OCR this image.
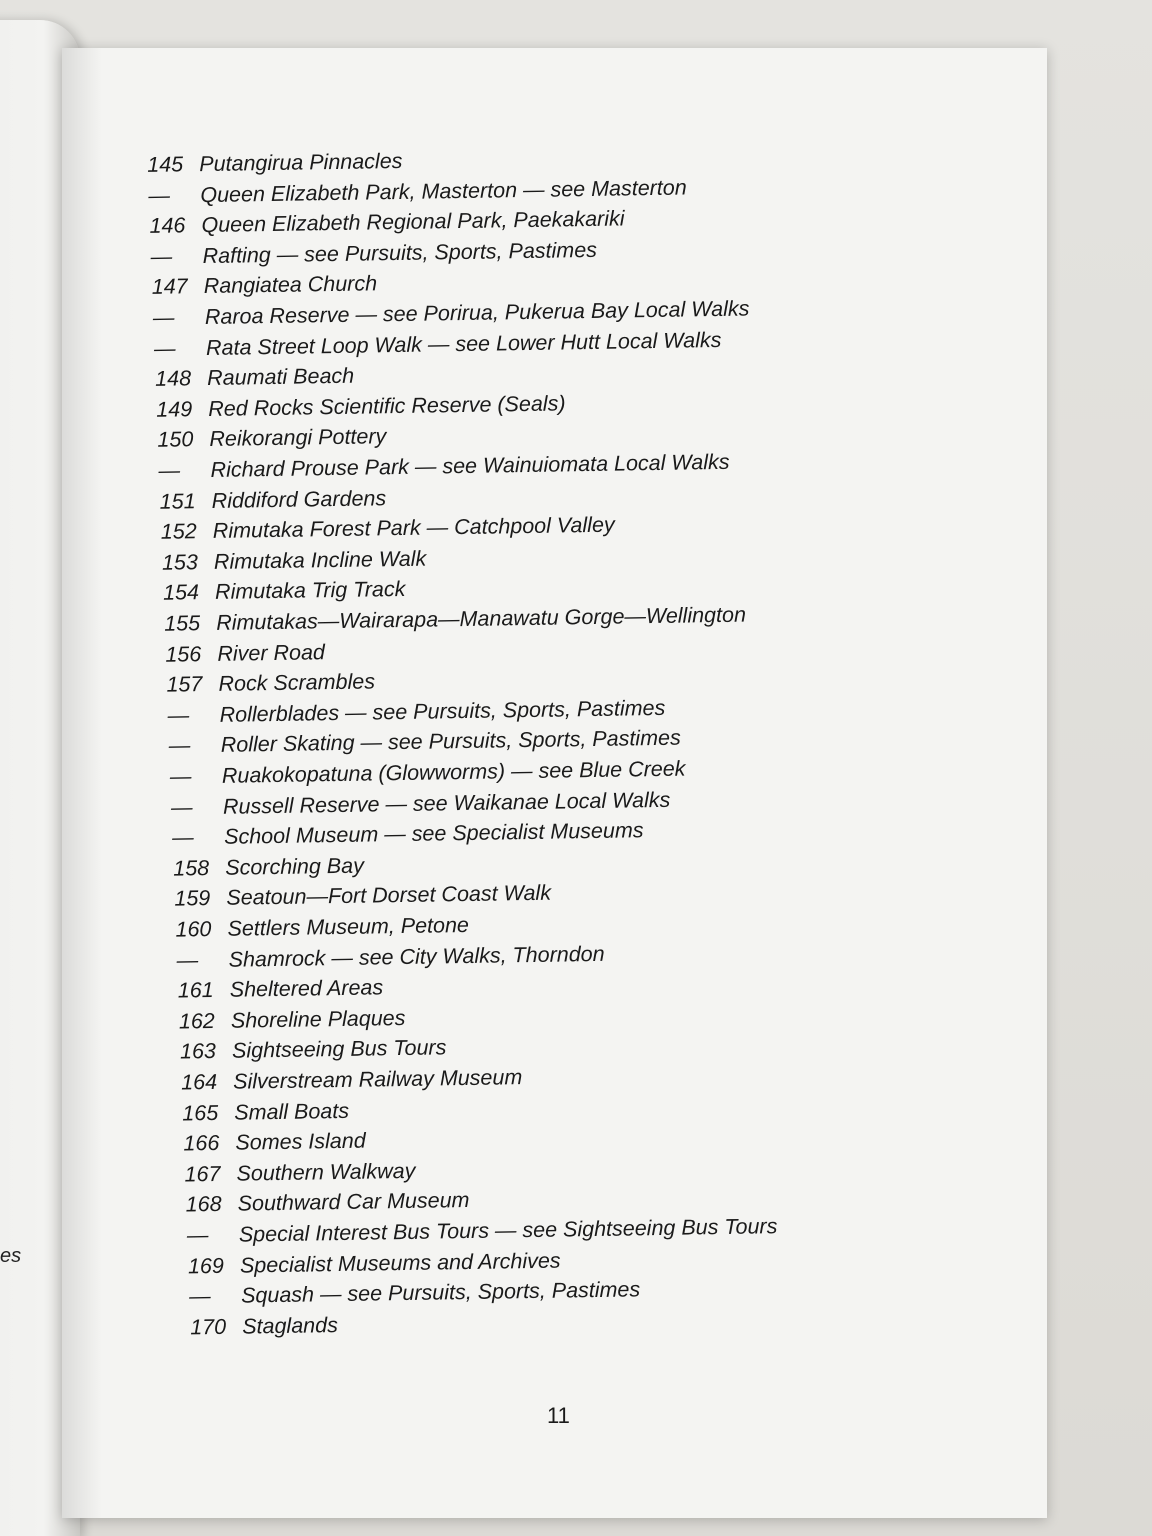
es
145 Putangirua Pinnacles
— Queen Elizabeth Park, Masterton — see Masterton
146 Queen Elizabeth Regional Park, Paekakariki
— Rafting — see Pursuits, Sports, Pastimes
147 Rangiatea Church
— Raroa Reserve — see Porirua, Pukerua Bay Local Walks
— Rata Street Loop Walk — see Lower Hutt Local Walks
148 Raumati Beach
149 Red Rocks Scientific Reserve (Seals)
150 Reikorangi Pottery
— Richard Prouse Park — see Wainuiomata Local Walks
151 Riddiford Gardens
152 Rimutaka Forest Park — Catchpool Valley
153 Rimutaka Incline Walk
154 Rimutaka Trig Track
155 Rimutakas—Wairarapa—Manawatu Gorge—Wellington
156 River Road
157 Rock Scrambles
— Rollerblades — see Pursuits, Sports, Pastimes
— Roller Skating — see Pursuits, Sports, Pastimes
— Ruakokopatuna (Glowworms) — see Blue Creek
— Russell Reserve — see Waikanae Local Walks
— School Museum — see Specialist Museums
158 Scorching Bay
159 Seatoun—Fort Dorset Coast Walk
160 Settlers Museum, Petone
— Shamrock — see City Walks, Thorndon
161 Sheltered Areas
162 Shoreline Plaques
163 Sightseeing Bus Tours
164 Silverstream Railway Museum
165 Small Boats
166 Somes Island
167 Southern Walkway
168 Southward Car Museum
— Special Interest Bus Tours — see Sightseeing Bus Tours
169 Specialist Museums and Archives
— Squash — see Pursuits, Sports, Pastimes
170 Staglands
11
